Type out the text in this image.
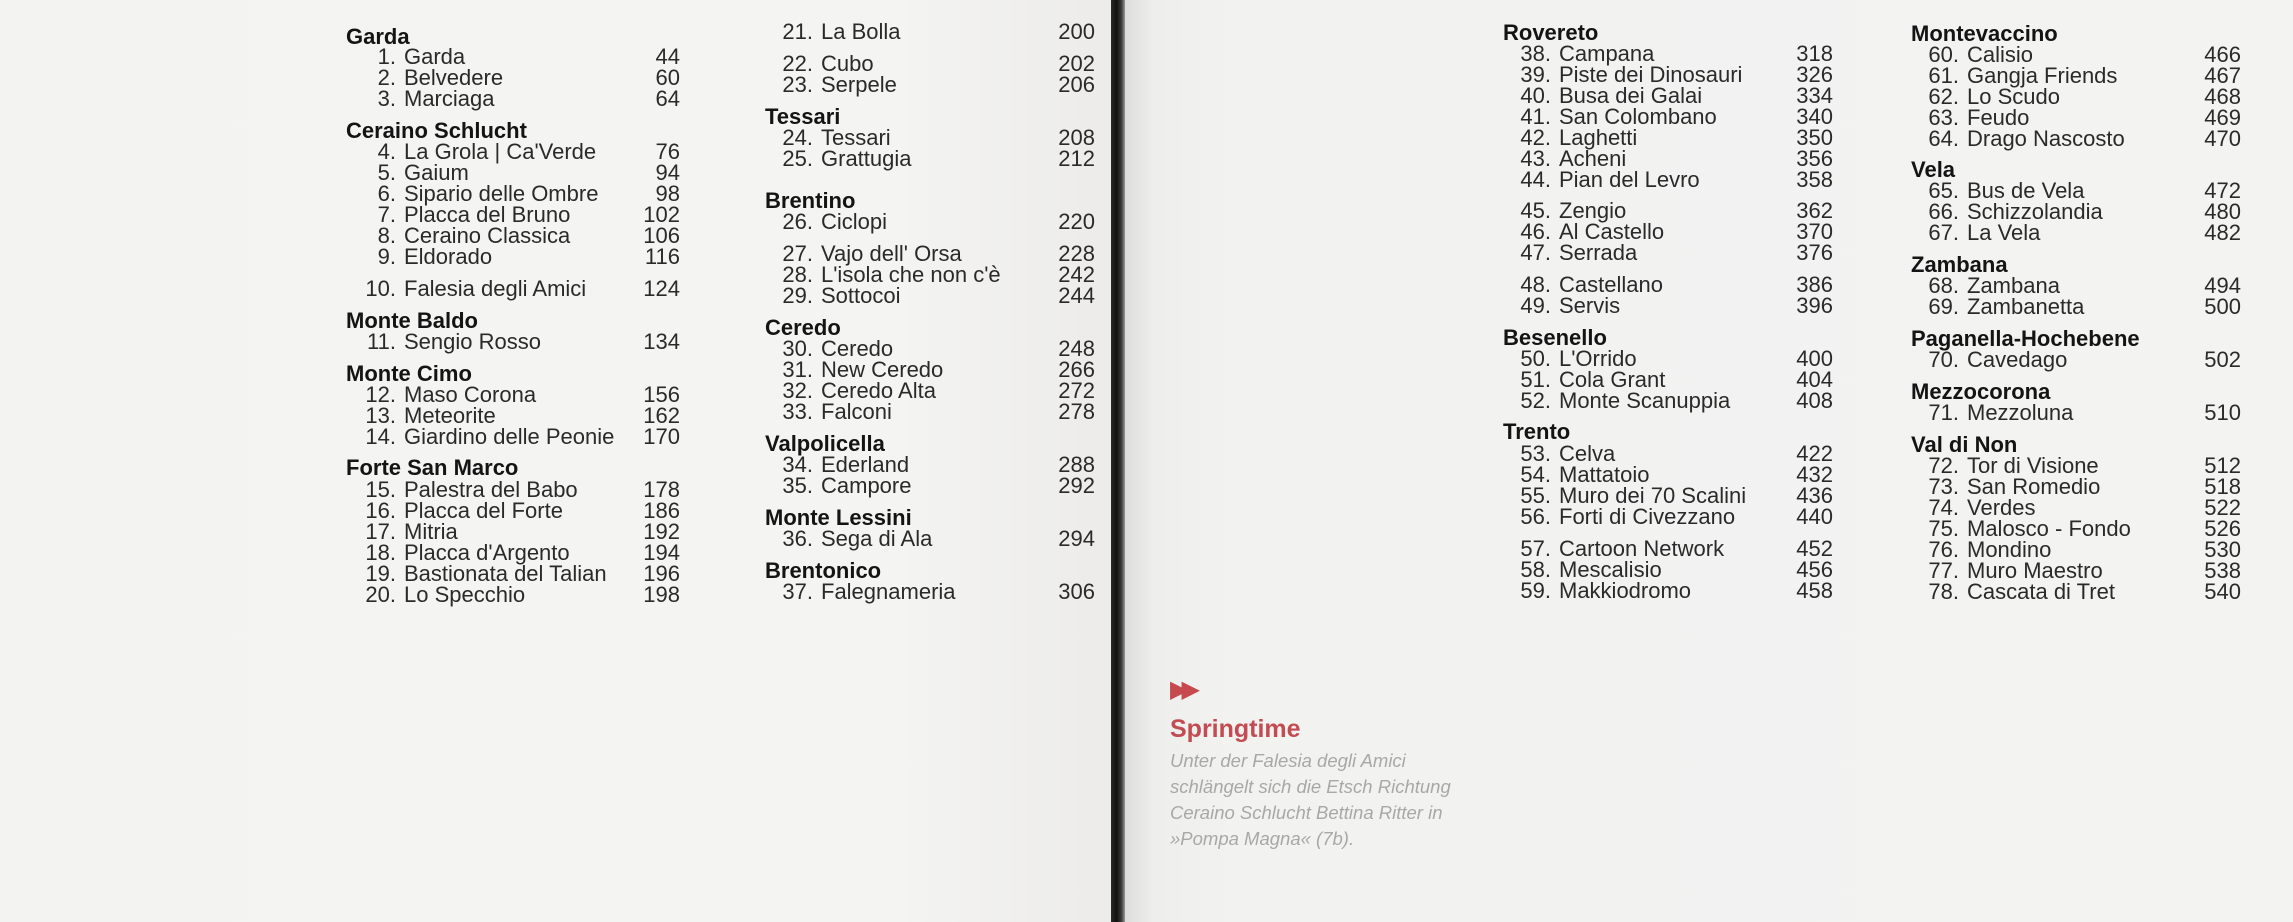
Garda
1. Garda	44
2. Belvedere	60
3. Marciaga	64
Ceraino Schlucht
4. La Grola | Ca'Verde	76
5. Gaium	94
6. Sipario delle Ombre	98
7. Placca del Bruno	102
8. Ceraino Classica	106
9. Eldorado	116
10. Falesia degli Amici	124
Monte Baldo
11. Sengio Rosso	134
Monte Cimo
12. Maso Corona	156
13. Meteorite	162
14. Giardino delle Peonie 170
Forte San Marco
15. Palestra del Babo	178
16. Placca del Forte	186
17. Mitria	192
18. Placca d'Argento	194
19. Bastionata del Talian 196
20. Lo Specchio	198
21. La Bolla	200
22. Cubo	202
23. Serpele	206
Tessari
24. Tessari	208
25. Grattugia	212
Brentino
26. Ciclopi	220
27. Vajo dell' Orsa	228
28. L'isola che non c'è	242
29. Sottocoi	244
Ceredo
30. Ceredo	248
31. New Ceredo	266
32. Ceredo Alta	272
33. Falconi	278
Valpolicella
34. Ederland	288
35. Campore	292
Monte Lessini
36. Sega di Ala	294
Brentonico
37. Falegnameria	306
Rovereto
38. Campana	318
39. Piste dei Dinosauri 326
40. Busa dei Galai	334
41. San Colombano	340
42. Laghetti	350
43. Acheni	356
44. Pian del Levro	358
45. Zengio	362
46. Al Castello	370
47. Serrada	376
48. Castellano	386
49. Servis	396
Besenello
50. L'Orrido	400
51. Cola Grant	404
52. Monte Scanuppia	408
Trento
53. Celva	422
54. Mattatoio	432
55. Muro dei 70 Scalini 436
56. Forti di Civezzano	440
57. Cartoon Network	452
58. Mescalisio	456
59. Makkiodromo	458
Montevaccino
60. Calisio	466
61. Gangja Friends	467
62. Lo Scudo	468
63. Feudo	469
64. Drago Nascosto	470
Vela
65. Bus de Vela	472
66. Schizzolandia	480
67. La Vela	482
Zambana
68. Zambana	494
69. Zambanetta	500
Paganella-Hochebene
70. Cavedago	502
Mezzocorona
71. Mezzoluna	510
Val di Non
72. Tor di Visione	512
73. San Romedio	518
74. Verdes	522
75. Malosco - Fondo	526
76. Mondino	530
77. Muro Maestro	538
78. Cascata di Tret	540
▶▶
Springtime
Unter der Falesia degli Amici schlängelt sich die Etsch Richtung Ceraino Schlucht Bettina Ritter in »Pompa Magna« (7b).
